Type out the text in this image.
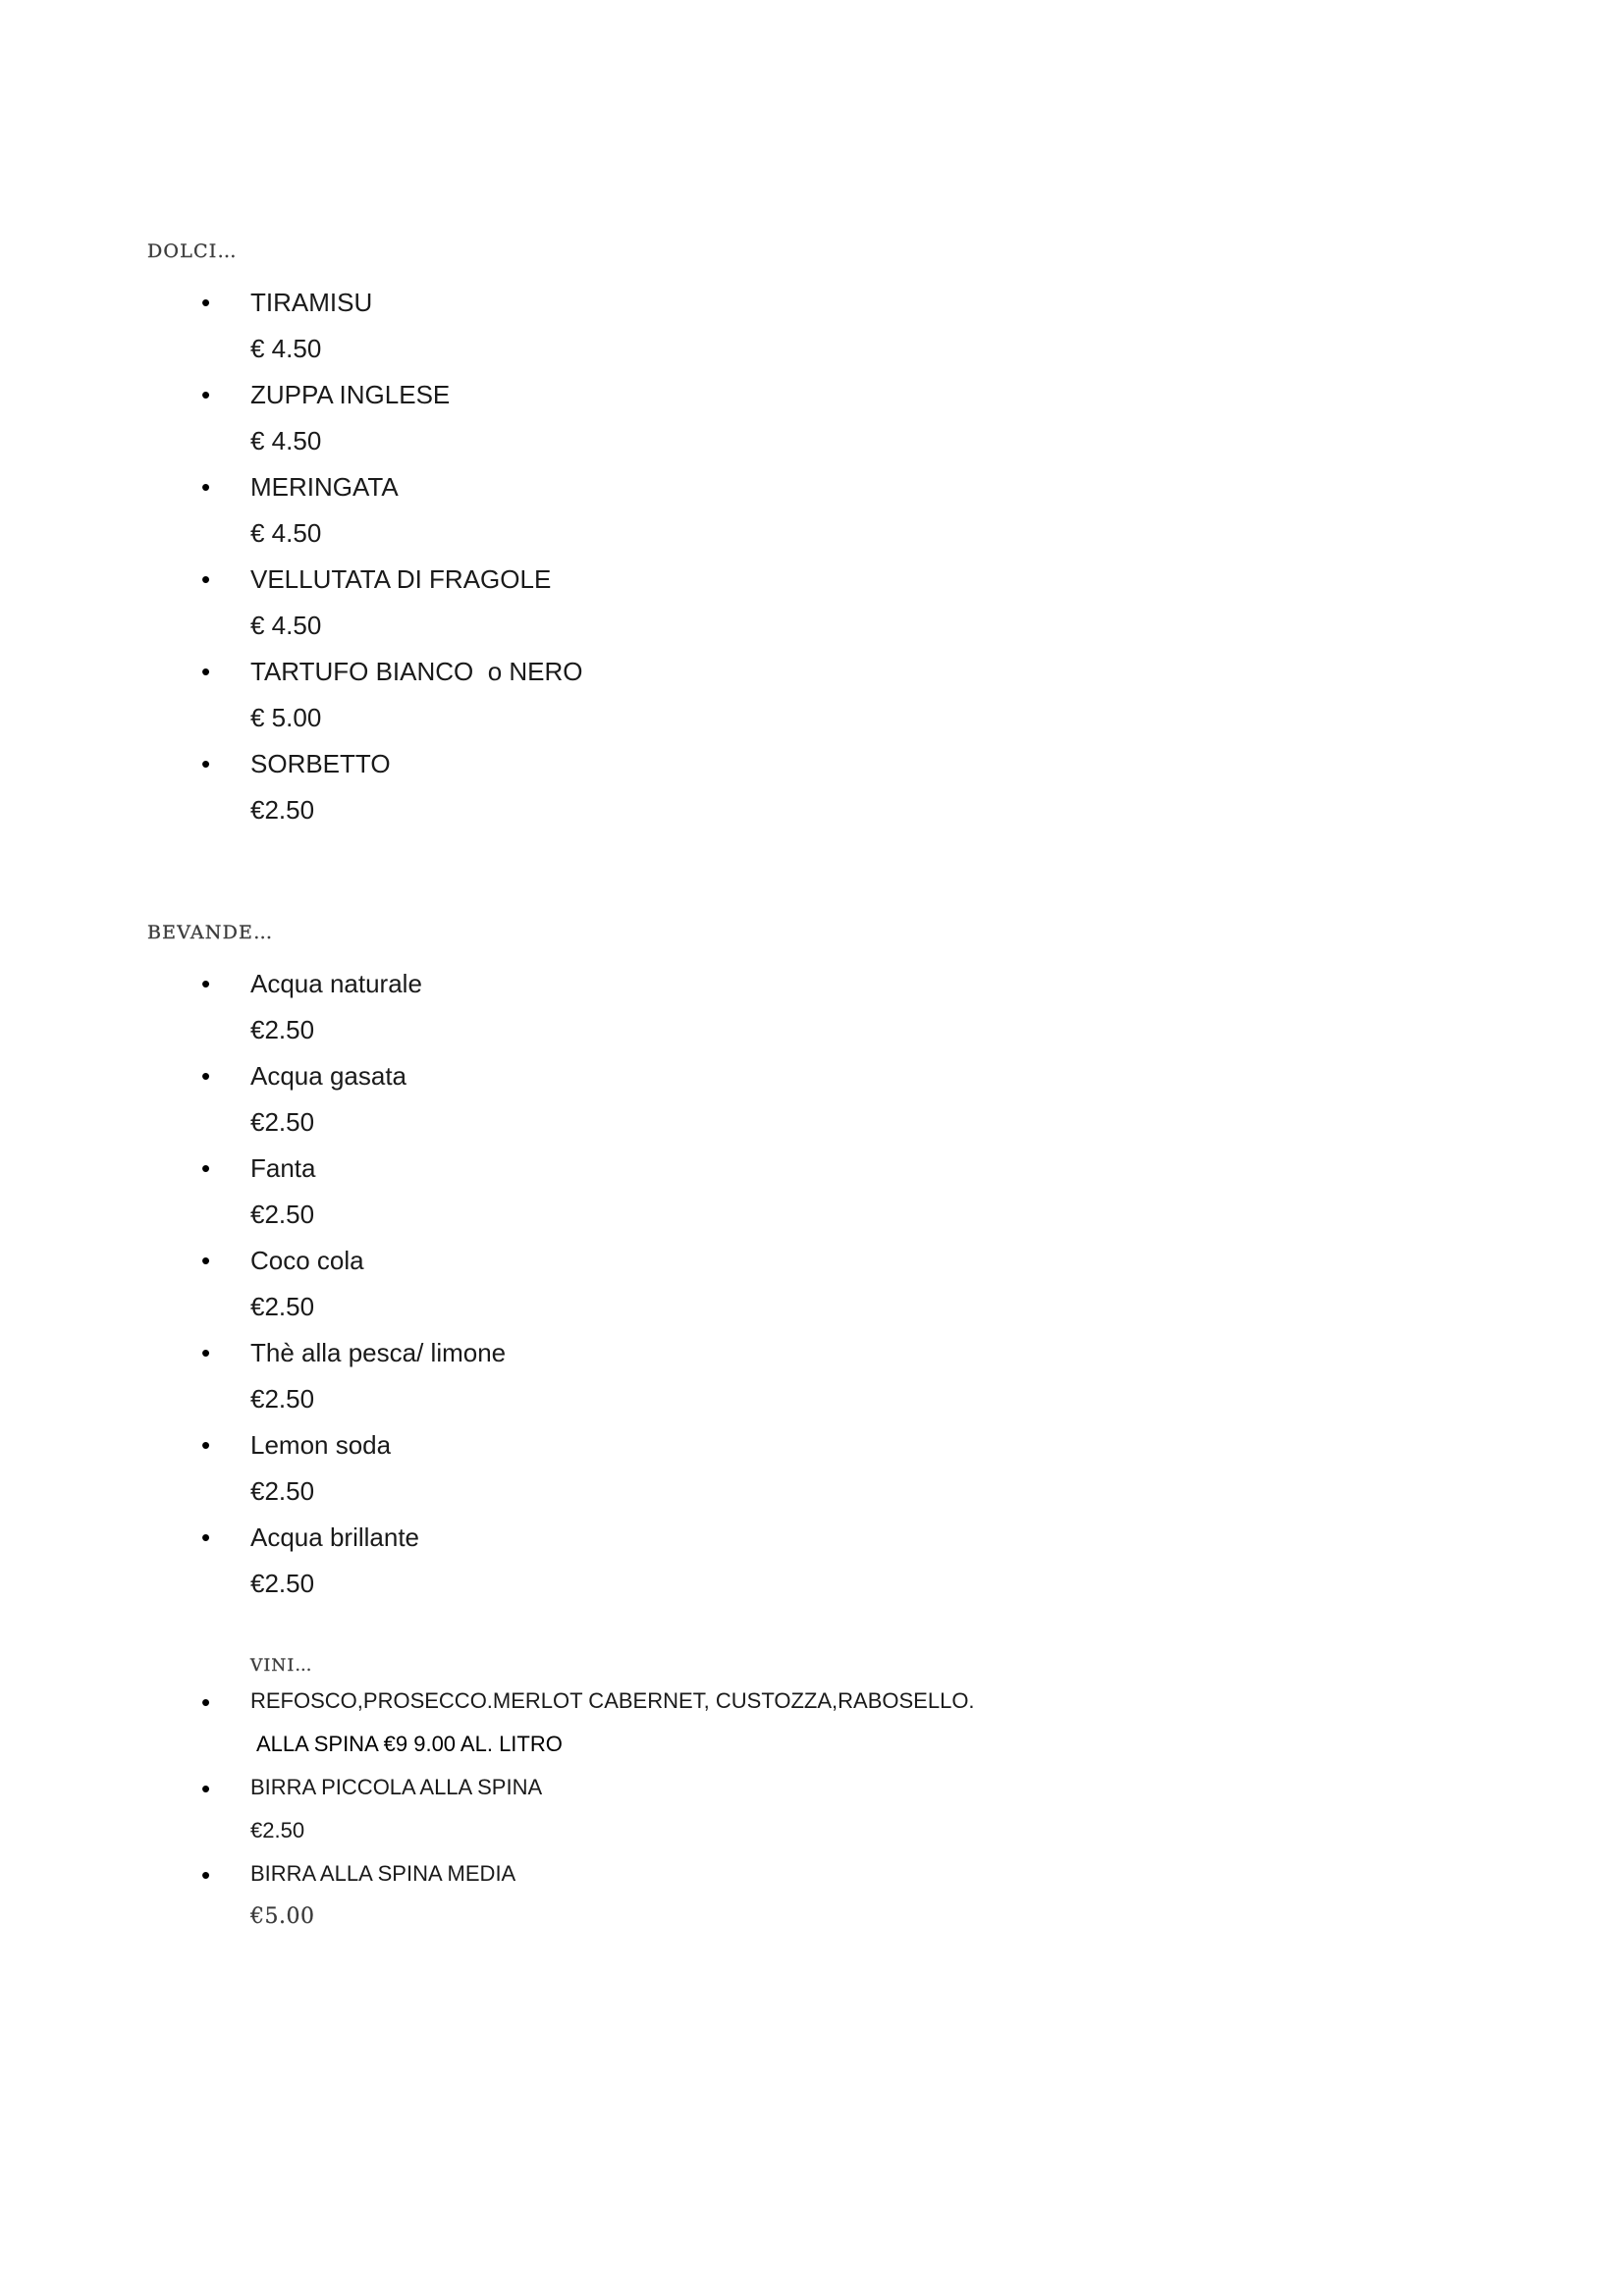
DOLCI…
• TIRAMISU
€ 4.50
• ZUPPA INGLESE
€ 4.50
• MERINGATA
€ 4.50
• VELLUTATA DI FRAGOLE
€ 4.50
• TARTUFO BIANCO  o NERO
€ 5.00
• SORBETTO
€2.50
BEVANDE…
• Acqua naturale
€2.50
• Acqua gasata
€2.50
• Fanta
€2.50
• Coco cola
€2.50
• Thè alla pesca/ limone
€2.50
• Lemon soda
€2.50
• Acqua brillante
€2.50
VINI…
• REFOSCO,PROSECCO.MERLOT CABERNET, CUSTOZZA,RABOSELLO.
ALLA SPINA €9 9.00 AL. LITRO
• BIRRA PICCOLA ALLA SPINA
€2.50
• BIRRA ALLA SPINA MEDIA
€5.00
